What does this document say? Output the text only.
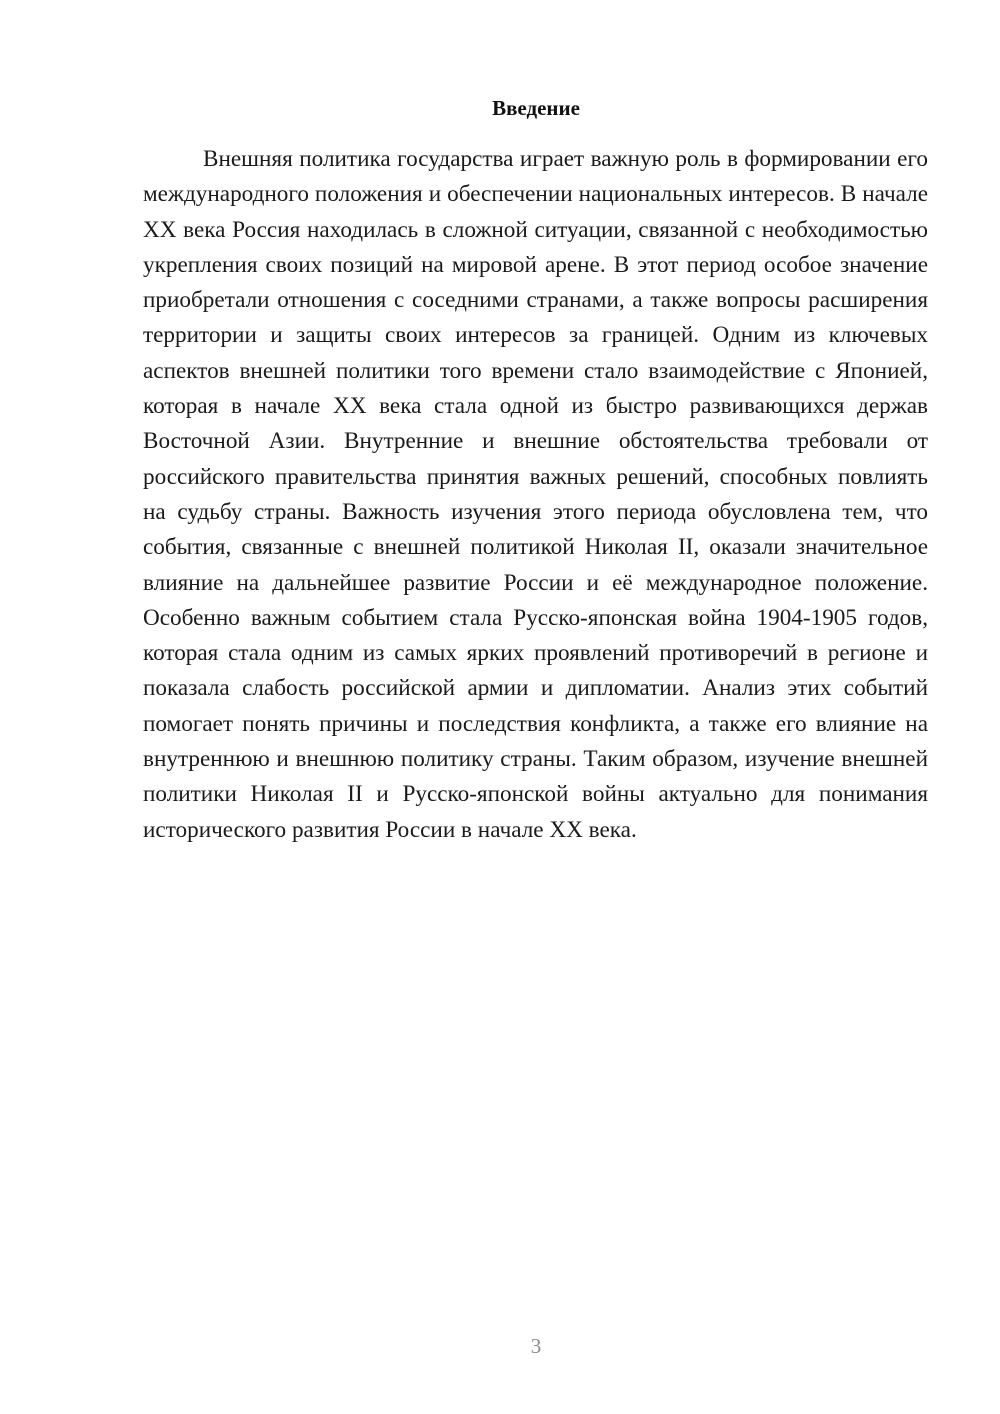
Введение

Внешняя политика государства играет важную роль в формировании его международного положения и обеспечении национальных интересов. В начале XX века Россия находилась в сложной ситуации, связанной с необходимостью укрепления своих позиций на мировой арене. В этот период особое значение приобретали отношения с соседними странами, а также вопросы расширения территории и защиты своих интересов за границей. Одним из ключевых аспектов внешней политики того времени стало взаимодействие с Японией, которая в начале XX века стала одной из быстро развивающихся держав Восточной Азии. Внутренние и внешние обстоятельства требовали от российского правительства принятия важных решений, способных повлиять на судьбу страны. Важность изучения этого периода обусловлена тем, что события, связанные с внешней политикой Николая II, оказали значительное влияние на дальнейшее развитие России и её международное положение. Особенно важным событием стала Русско-японская война 1904-1905 годов, которая стала одним из самых ярких проявлений противоречий в регионе и показала слабость российской армии и дипломатии. Анализ этих событий помогает понять причины и последствия конфликта, а также его влияние на внутреннюю и внешнюю политику страны. Таким образом, изучение внешней политики Николая II и Русско-японской войны актуально для понимания исторического развития России в начале XX века.

3
